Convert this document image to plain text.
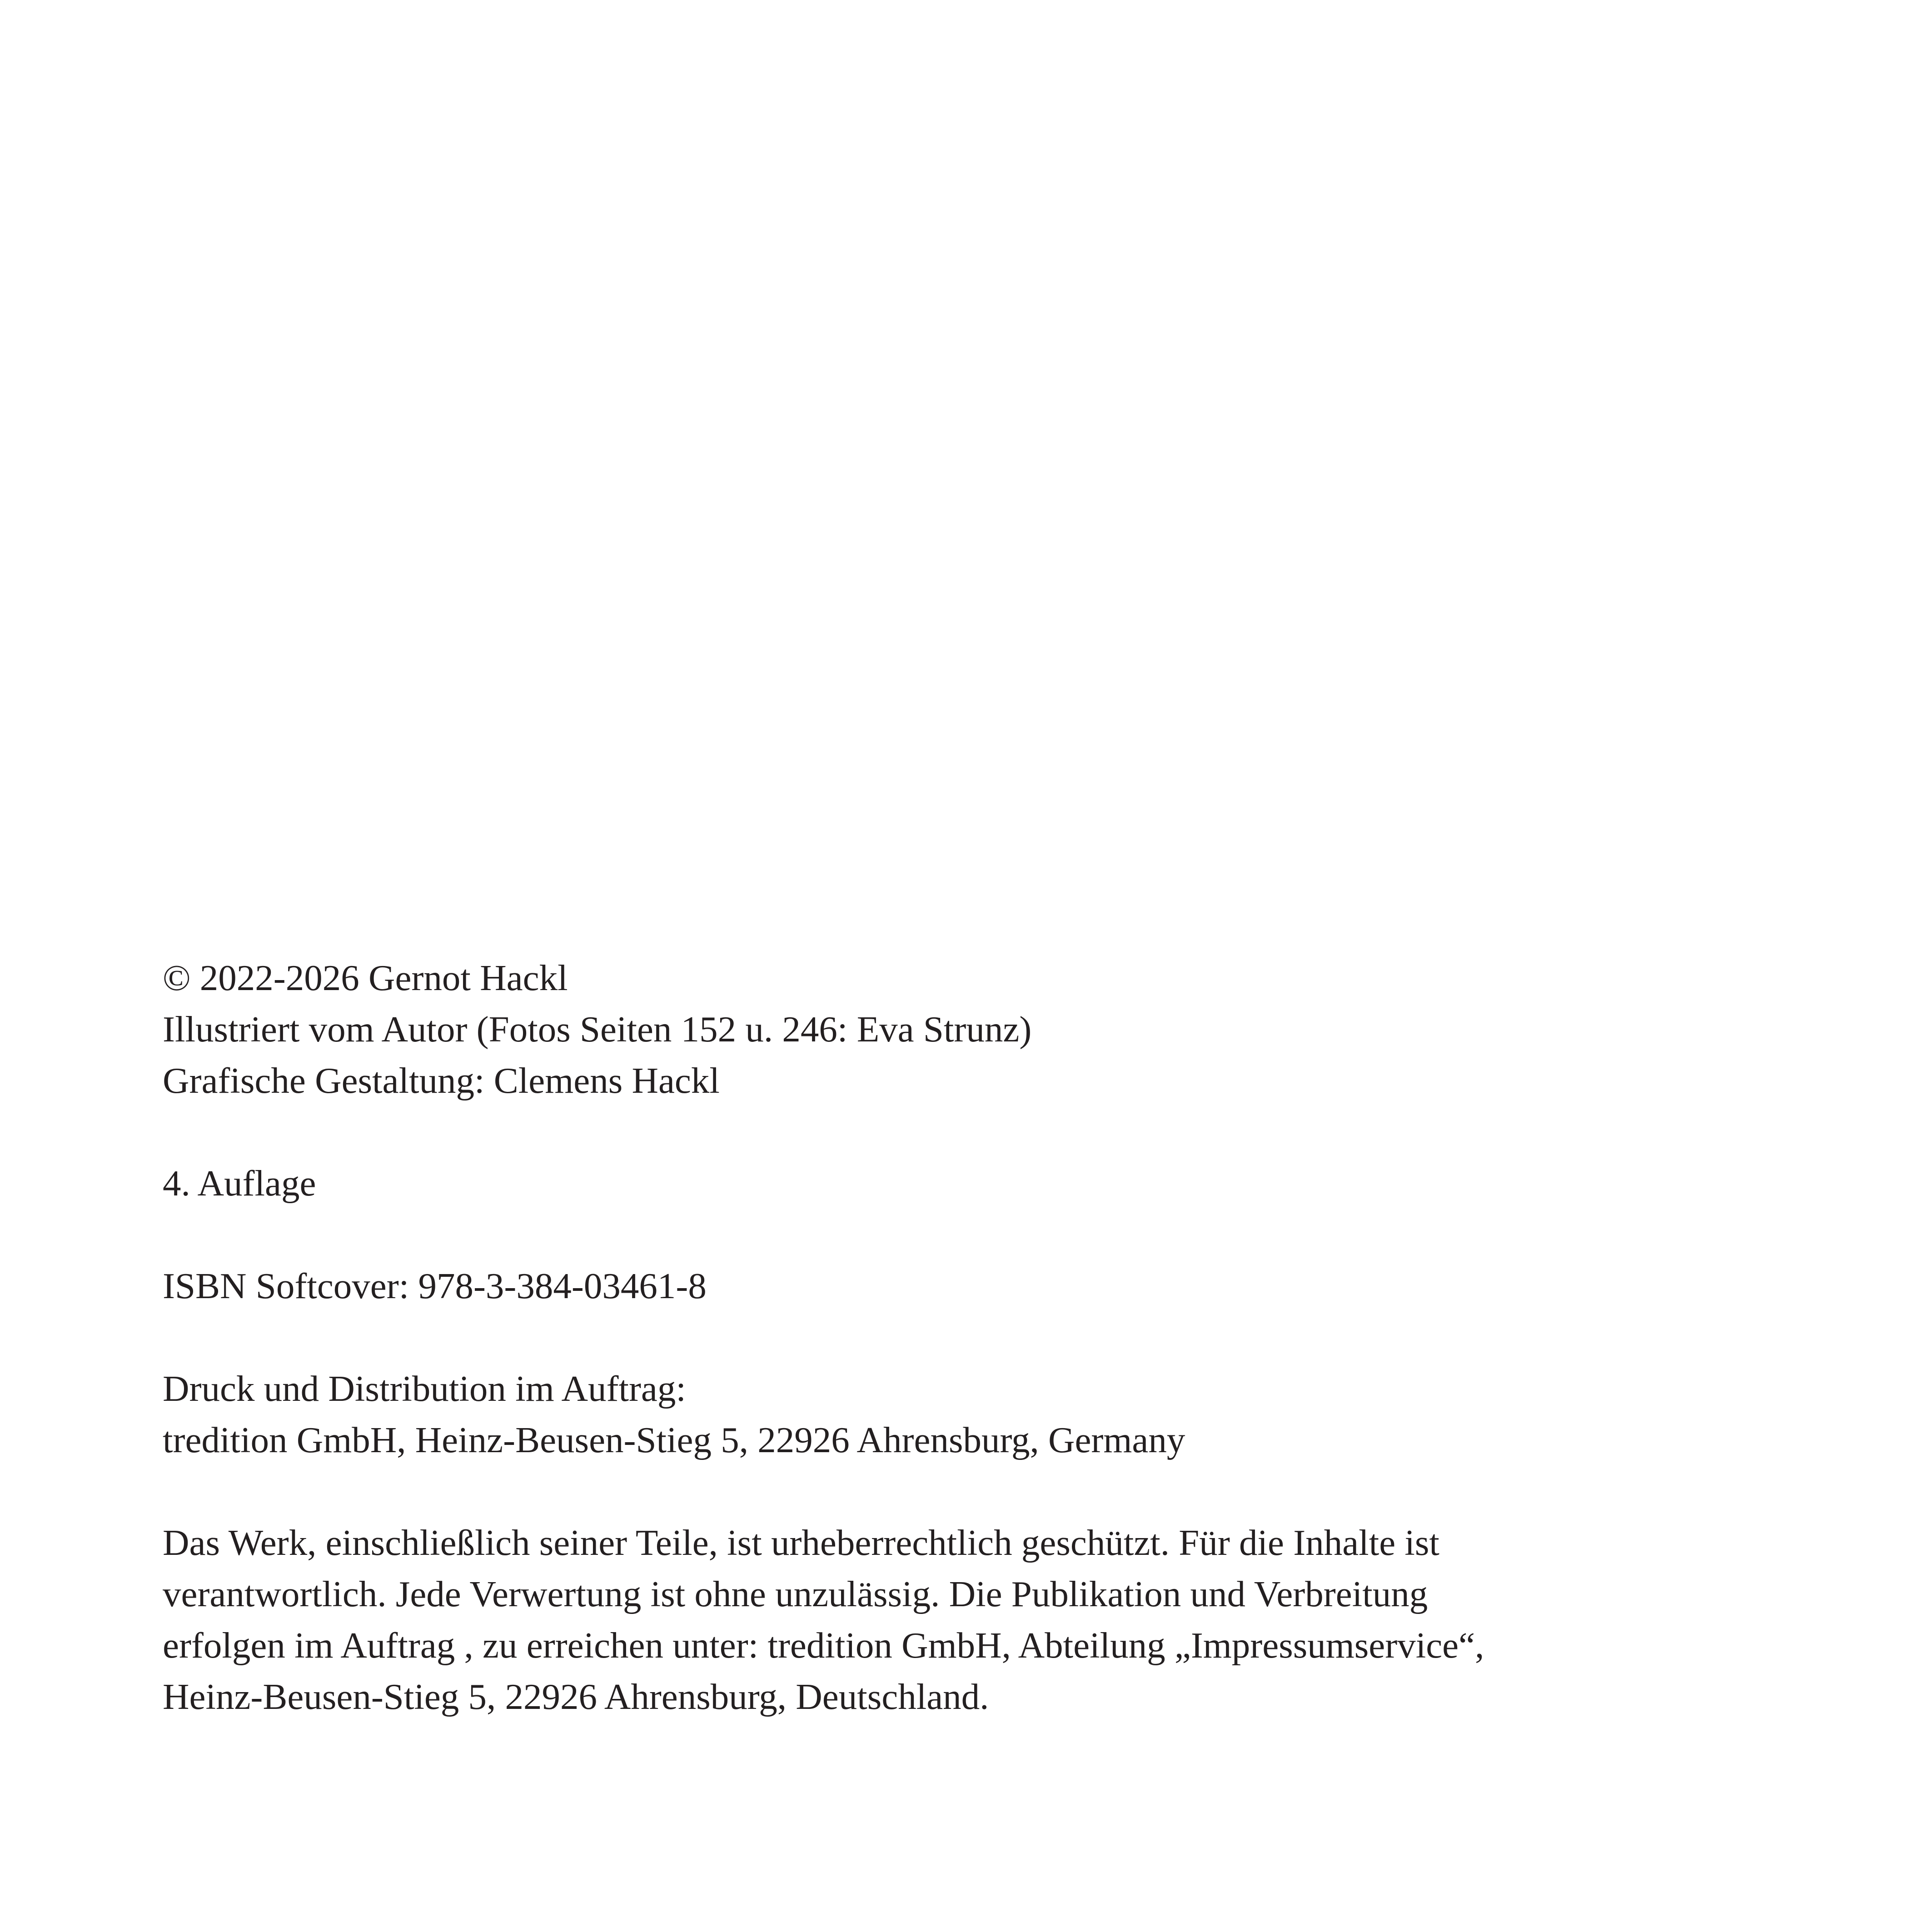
© 2022-2026 Gernot Hackl
Illustriert vom Autor (Fotos Seiten 152 u. 246: Eva Strunz)
Grafische Gestaltung: Clemens Hackl
4. Auflage
ISBN Softcover: 978-3-384-03461-8
Druck und Distribution im Auftrag:
tredition GmbH, Heinz-Beusen-Stieg 5, 22926 Ahrensburg, Germany
Das Werk, einschließlich seiner Teile, ist urheberrechtlich geschützt. Für die Inhalte ist
verantwortlich. Jede Verwertung ist ohne unzulässig. Die Publikation und Verbreitung
erfolgen im Auftrag , zu erreichen unter: tredition GmbH, Abteilung „Impressumservice“,
Heinz-Beusen-Stieg 5, 22926 Ahrensburg, Deutschland.
